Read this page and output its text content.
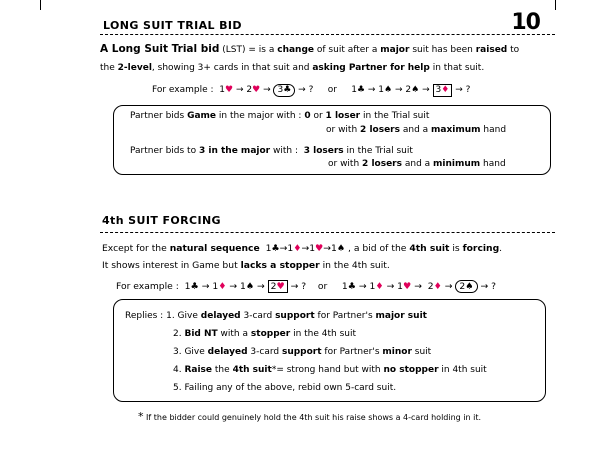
10
LONG SUIT TRIAL BID
A Long Suit Trial bid (LST) = is a change of suit after a major suit has been raised to
the 2-level, showing 3+ cards in that suit and asking Partner for help in that suit.
For example :  1♥ → 2♥ → 3♣ → ? or     1♣ → 1♠ → 2♠ → 3♦ → ?
Partner bids Game in the major with : 0 or 1 loser in the Trial suit
or with 2 losers and a maximum hand
Partner bids to 3 in the major with : 3 losers in the Trial suit
or with 2 losers and a minimum hand
4th SUIT FORCING
Except for the natural sequence  1♣→1♦→1♥→1♠ , a bid of the 4th suit is forcing.
It shows interest in Game but lacks a stopper in the 4th suit.
For example :  1♣ → 1♦ → 1♠ → 2♥ → ? or     1♣ → 1♦ → 1♥ →  2♦ → 2♠ → ?
Replies : 1. Give delayed 3-card support for Partner's major suit
2. Bid NT with a stopper in the 4th suit
3. Give delayed 3-card support for Partner's minor suit
4. Raise the 4th suit*= strong hand but with no stopper in 4th suit
5. Failing any of the above, rebid own 5-card suit.
* If the bidder could genuinely hold the 4th suit his raise shows a 4-card holding in it.
